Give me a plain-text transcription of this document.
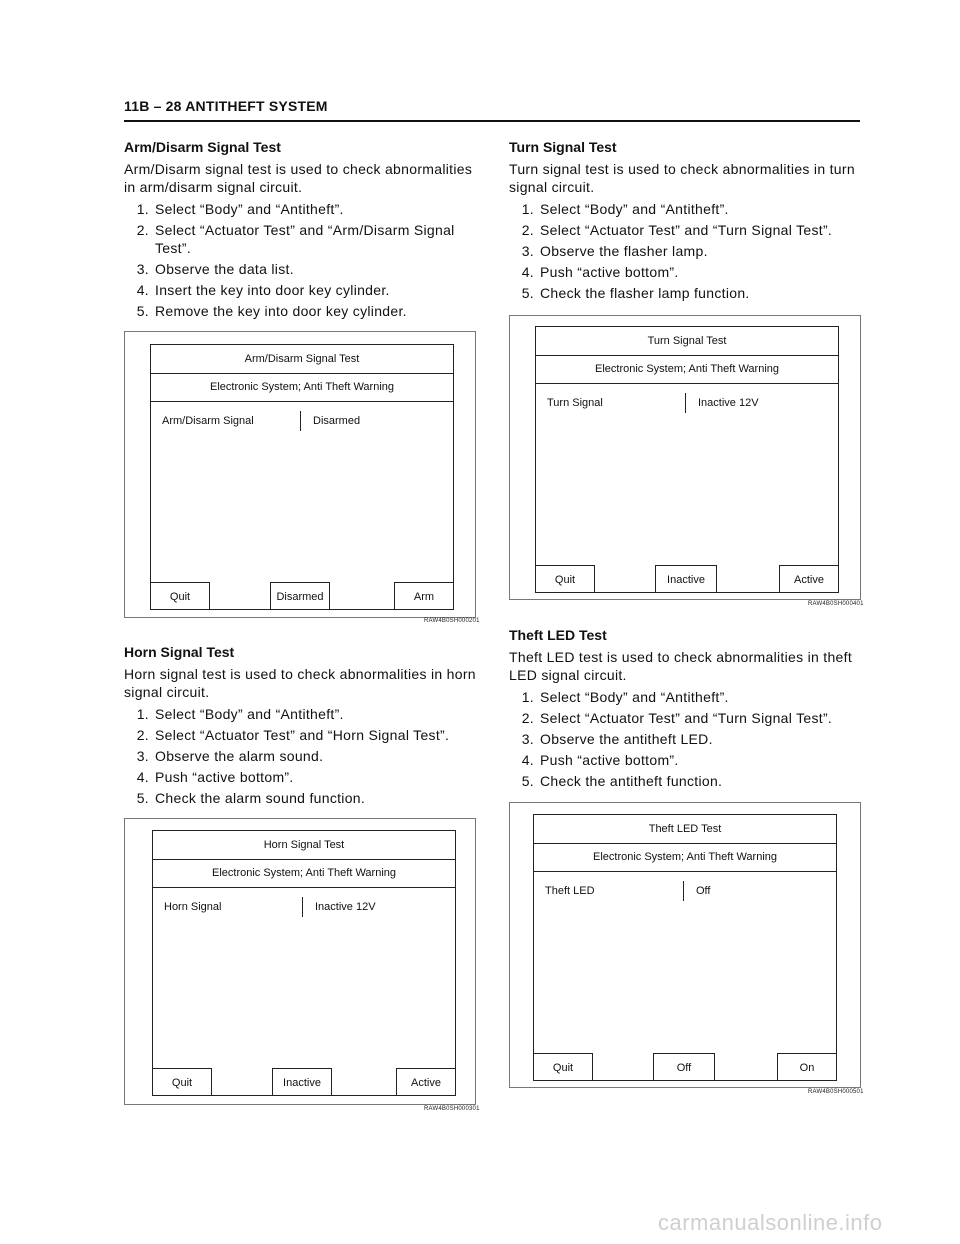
11B – 28 ANTITHEFT SYSTEM
Arm/Disarm Signal Test
Arm/Disarm signal test is used to check abnormalities in arm/disarm signal circuit.
1. Select “Body” and “Antitheft”.
2. Select “Actuator Test” and “Arm/Disarm Signal Test”.
3. Observe the data list.
4. Insert the key into door key cylinder.
5. Remove the key into door key cylinder.
Arm/Disarm Signal Test
Electronic System; Anti Theft Warning
Arm/Disarm Signal	Disarmed
Quit	Disarmed	Arm
RAW4B0SH000201
Horn Signal Test
Horn signal test is used to check abnormalities in horn signal circuit.
1. Select “Body” and “Antitheft”.
2. Select “Actuator Test” and “Horn Signal Test”.
3. Observe the alarm sound.
4. Push “active bottom”.
5. Check the alarm sound function.
Horn Signal Test
Electronic System; Anti Theft Warning
Horn Signal	Inactive 12V
Quit	Inactive	Active
RAW4B0SH000301
Turn Signal Test
Turn signal test is used to check abnormalities in turn signal circuit.
1. Select “Body” and “Antitheft”.
2. Select “Actuator Test” and “Turn Signal Test”.
3. Observe the flasher lamp.
4. Push “active bottom”.
5. Check the flasher lamp function.
Turn Signal Test
Electronic System; Anti Theft Warning
Turn Signal	Inactive 12V
Quit	Inactive	Active
RAW4B0SH000401
Theft LED Test
Theft LED test is used to check abnormalities in theft LED signal circuit.
1. Select “Body” and “Antitheft”.
2. Select “Actuator Test” and “Turn Signal Test”.
3. Observe the antitheft LED.
4. Push “active bottom”.
5. Check the antitheft function.
Theft LED Test
Electronic System; Anti Theft Warning
Theft LED	Off
Quit	Off	On
RAW4B0SH000501
carmanualsonline.info
